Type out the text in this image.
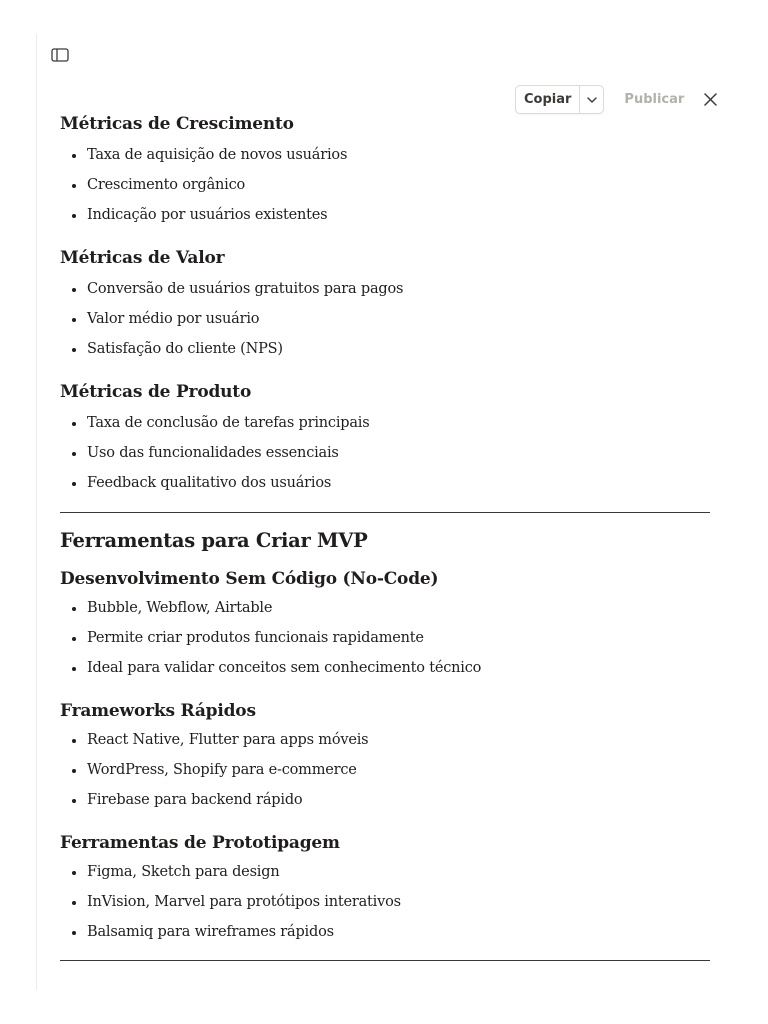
Copiar	Publicar
Métricas de Crescimento
Taxa de aquisição de novos usuários
Crescimento orgânico
Indicação por usuários existentes
Métricas de Valor
Conversão de usuários gratuitos para pagos
Valor médio por usuário
Satisfação do cliente (NPS)
Métricas de Produto
Taxa de conclusão de tarefas principais
Uso das funcionalidades essenciais
Feedback qualitativo dos usuários
Ferramentas para Criar MVP
Desenvolvimento Sem Código (No-Code)
Bubble, Webflow, Airtable
Permite criar produtos funcionais rapidamente
Ideal para validar conceitos sem conhecimento técnico
Frameworks Rápidos
React Native, Flutter para apps móveis
WordPress, Shopify para e-commerce
Firebase para backend rápido
Ferramentas de Prototipagem
Figma, Sketch para design
InVision, Marvel para protótipos interativos
Balsamiq para wireframes rápidos
